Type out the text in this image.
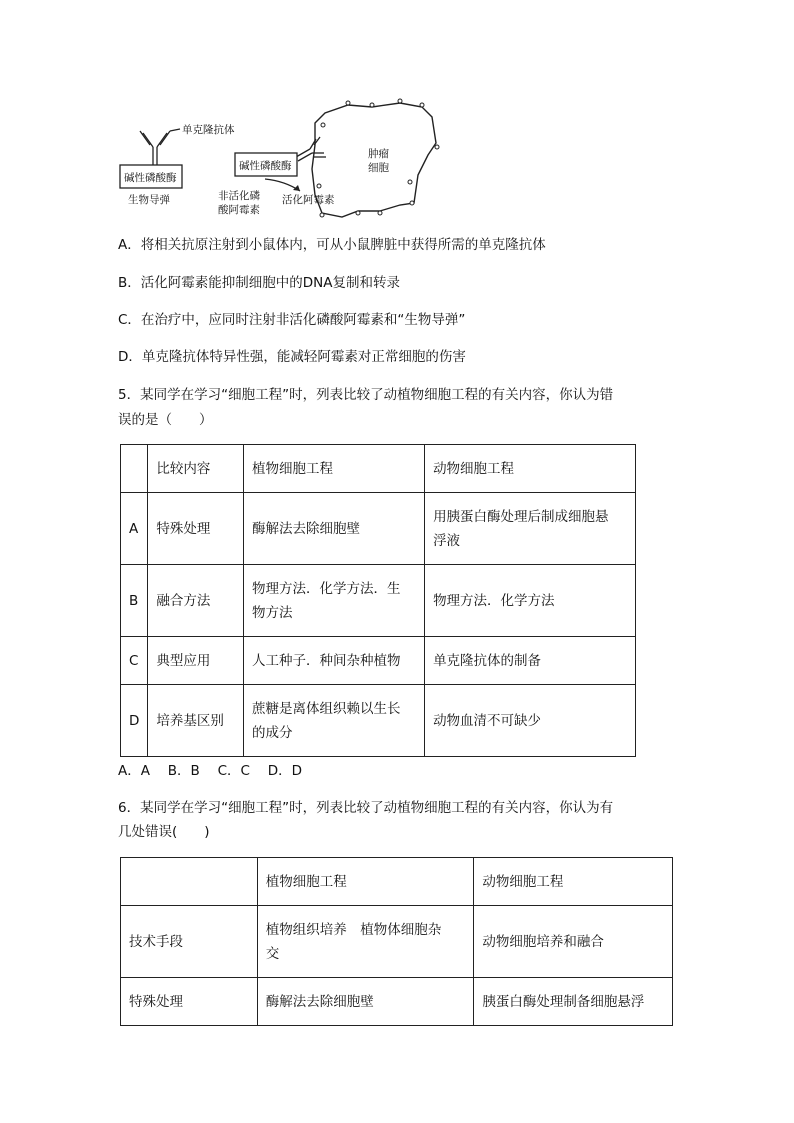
单克隆抗体
碱性磷酸酶
生物导弹
肿瘤
细胞
碱性磷酸酶
非活化磷
酸阿霉素
活化阿霉素
A．将相关抗原注射到小鼠体内，可从小鼠脾脏中获得所需的单克隆抗体
B．活化阿霉素能抑制细胞中的DNA复制和转录
C．在治疗中，应同时注射非活化磷酸阿霉素和“生物导弹”
D．单克隆抗体特异性强，能减轻阿霉素对正常细胞的伤害
5．某同学在学习“细胞工程”时，列表比较了动植物细胞工程的有关内容，你认为错
误的是（　　）
	比较内容	植物细胞工程	动物细胞工程
A	特殊处理	酶解法去除细胞壁	用胰蛋白酶处理后制成细胞悬
浮液
B	融合方法	物理方法．化学方法．生
物方法	物理方法．化学方法
C	典型应用	人工种子．种间杂种植物	单克隆抗体的制备
D	培养基区别	蔗糖是离体组织赖以生长
的成分	动物血清不可缺少
A．A　 B．B　 C．C　 D．D
6．某同学在学习“细胞工程”时，列表比较了动植物细胞工程的有关内容，你认为有
几处错误(　　)
	植物细胞工程	动物细胞工程
技术手段	植物组织培养　植物体细胞杂
交	动物细胞培养和融合
特殊处理	酶解法去除细胞壁	胰蛋白酶处理制备细胞悬浮
